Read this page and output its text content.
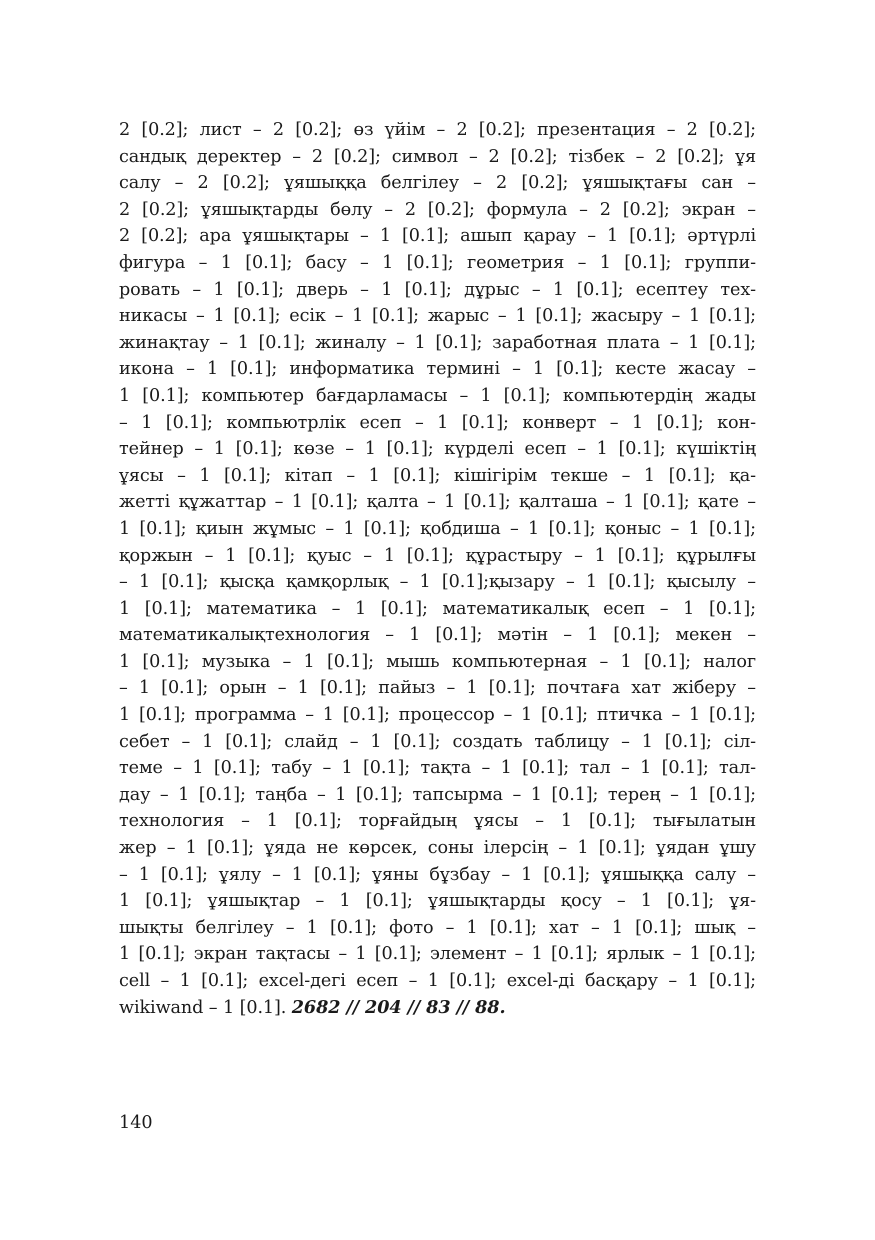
2 [0.2]; лист – 2 [0.2]; өз үйім – 2 [0.2]; презентация – 2 [0.2];
сандық деректер – 2 [0.2]; символ – 2 [0.2]; тізбек – 2 [0.2]; ұя
салу – 2 [0.2]; ұяшыққа белгілеу – 2 [0.2]; ұяшықтағы сан –
2 [0.2]; ұяшықтарды бөлу – 2 [0.2]; формула – 2 [0.2]; экран –
2 [0.2]; ара ұяшықтары – 1 [0.1]; ашып қарау – 1 [0.1]; әртүрлі
фигура – 1 [0.1]; басу – 1 [0.1]; геометрия – 1 [0.1]; группи-
ровать – 1 [0.1]; дверь – 1 [0.1]; дұрыс – 1 [0.1]; есептеу тех-
никасы – 1 [0.1]; есік – 1 [0.1]; жарыс – 1 [0.1]; жасыру – 1 [0.1];
жинақтау – 1 [0.1]; жиналу – 1 [0.1]; заработная плата – 1 [0.1];
икона – 1 [0.1]; информатика термині – 1 [0.1]; кесте жасау –
1 [0.1]; компьютер бағдарламасы – 1 [0.1]; компьютердің жады
– 1 [0.1]; компьютрлік есеп – 1 [0.1]; конверт – 1 [0.1]; кон-
тейнер – 1 [0.1]; көзе – 1 [0.1]; күрделі есеп – 1 [0.1]; күшіктің
ұясы – 1 [0.1]; кітап – 1 [0.1]; кішігірім текше – 1 [0.1]; қа-
жетті құжаттар – 1 [0.1]; қалта – 1 [0.1]; қалташа – 1 [0.1]; қате –
1 [0.1]; қиын жұмыс – 1 [0.1]; қобдиша – 1 [0.1]; қоныс – 1 [0.1];
қоржын – 1 [0.1]; қуыс – 1 [0.1]; құрастыру – 1 [0.1]; құрылғы
– 1 [0.1]; қысқа қамқорлық – 1 [0.1];қызару – 1 [0.1]; қысылу –
1 [0.1]; математика – 1 [0.1]; математикалық есеп – 1 [0.1];
математикалықтехнология – 1 [0.1]; мәтін – 1 [0.1]; мекен –
1 [0.1]; музыка – 1 [0.1]; мышь компьютерная – 1 [0.1]; налог
– 1 [0.1]; орын – 1 [0.1]; пайыз – 1 [0.1]; почтаға хат жіберу –
1 [0.1]; программа – 1 [0.1]; процессор – 1 [0.1]; птичка – 1 [0.1];
себет – 1 [0.1]; слайд – 1 [0.1]; создать таблицу – 1 [0.1]; сіл-
теме – 1 [0.1]; табу – 1 [0.1]; тақта – 1 [0.1]; тал – 1 [0.1]; тал-
дау – 1 [0.1]; таңба – 1 [0.1]; тапсырма – 1 [0.1]; терең – 1 [0.1];
технология – 1 [0.1]; торғайдың ұясы – 1 [0.1]; тығылатын
жер – 1 [0.1]; ұяда не көрсек, соны ілерсің – 1 [0.1]; ұядан ұшу
– 1 [0.1]; ұялу – 1 [0.1]; ұяны бұзбау – 1 [0.1]; ұяшыққа салу –
1 [0.1]; ұяшықтар – 1 [0.1]; ұяшықтарды қосу – 1 [0.1]; ұя-
шықты белгілеу – 1 [0.1]; фото – 1 [0.1]; хат – 1 [0.1]; шық –
1 [0.1]; экран тақтасы – 1 [0.1]; элемент – 1 [0.1]; ярлык – 1 [0.1];
cell – 1 [0.1]; excel-дегі есеп – 1 [0.1]; excel-ді басқару – 1 [0.1];
wikiwand – 1 [0.1]. 2682 // 204 // 83 // 88.
140
